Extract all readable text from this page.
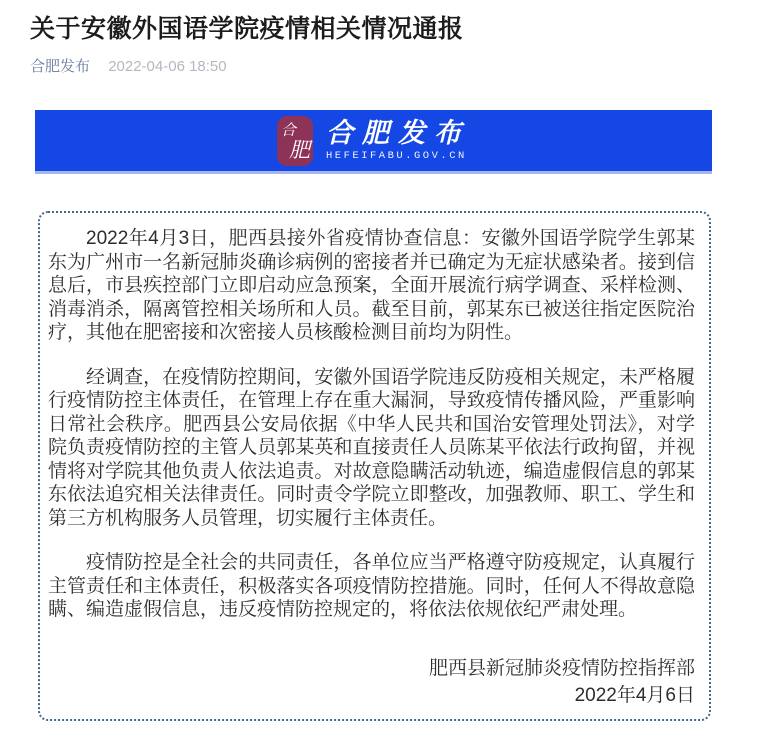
关于安徽外国语学院疫情相关情况通报
合肥发布 2022-04-06 18:50
合
肥
合肥发布
HEFEIFABU.GOV.CN

2022年4月3日，肥西县接外省疫情协查信息：安徽外国语学院学生郭某东为广州市一名新冠肺炎确诊病例的密接者并已确定为无症状感染者。接到信息后，市县疾控部门立即启动应急预案，全面开展流行病学调查、采样检测、消毒消杀，隔离管控相关场所和人员。截至目前，郭某东已被送往指定医院治疗，其他在肥密接和次密接人员核酸检测目前均为阴性。

经调查，在疫情防控期间，安徽外国语学院违反防疫相关规定，未严格履行疫情防控主体责任，在管理上存在重大漏洞，导致疫情传播风险，严重影响日常社会秩序。肥西县公安局依据《中华人民共和国治安管理处罚法》，对学院负责疫情防控的主管人员郭某英和直接责任人员陈某平依法行政拘留，并视情将对学院其他负责人依法追责。对故意隐瞒活动轨迹，编造虚假信息的郭某东依法追究相关法律责任。同时责令学院立即整改，加强教师、职工、学生和第三方机构服务人员管理，切实履行主体责任。

疫情防控是全社会的共同责任，各单位应当严格遵守防疫规定，认真履行主管责任和主体责任，积极落实各项疫情防控措施。同时，任何人不得故意隐瞒、编造虚假信息，违反疫情防控规定的，将依法依规依纪严肃处理。

肥西县新冠肺炎疫情防控指挥部
2022年4月6日
